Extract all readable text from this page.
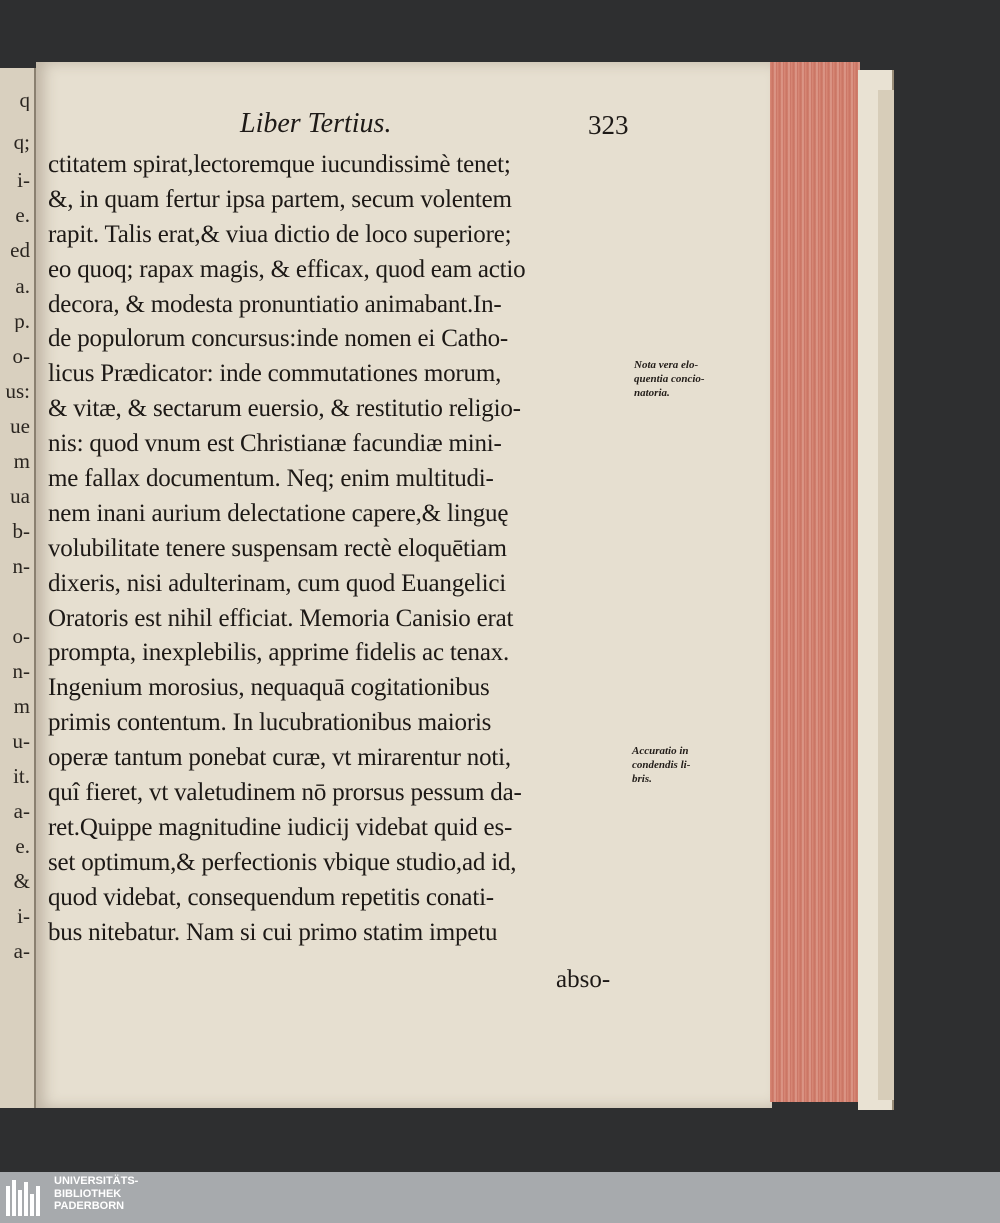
q
q;
i-
e.
ed
a.
p.
o-
us:
ue
m
ua
b-
n-
o-
n-
m
u-
it.
a-
e.
&
i-
a-
Liber Tertius.	323
ctitatem spirat,lectoremque iucundissimè tenet;
&, in quam fertur ipsa partem, secum volentem
rapit. Talis erat,& viua dictio de loco superiore;
eo quoq; rapax magis, & efficax, quod eam actio
decora, & modesta pronuntiatio animabant.In-
de populorum concursus:inde nomen ei Catho-
licus Prædicator: inde commutationes morum,
& vitæ, & sectarum euersio, & restitutio religio-
nis: quod vnum est Christianæ facundiæ mini-
me fallax documentum. Neq; enim multitudi-
nem inani aurium delectatione capere,& linguę
volubilitate tenere suspensam rectè eloquētiam
dixeris, nisi adulterinam, cum quod Euangelici
Oratoris est nihil efficiat. Memoria Canisio erat
prompta, inexplebilis, apprime fidelis ac tenax.
Ingenium morosius, nequaquā cogitationibus
primis contentum. In lucubrationibus maioris
operæ tantum ponebat curæ, vt mirarentur noti,
quî fieret, vt valetudinem nō prorsus pessum da-
ret.Quippe magnitudine iudicij videbat quid es-
set optimum,& perfectionis vbique studio,ad id,
quod videbat, consequendum repetitis conati-
bus nitebatur. Nam si cui primo statim impetu
abso-
Nota vera elo-
quentia concio-
natoria.
Accuratio in
condendis li-
bris.
UNIVERSITÄTS-
BIBLIOTHEK
PADERBORN
